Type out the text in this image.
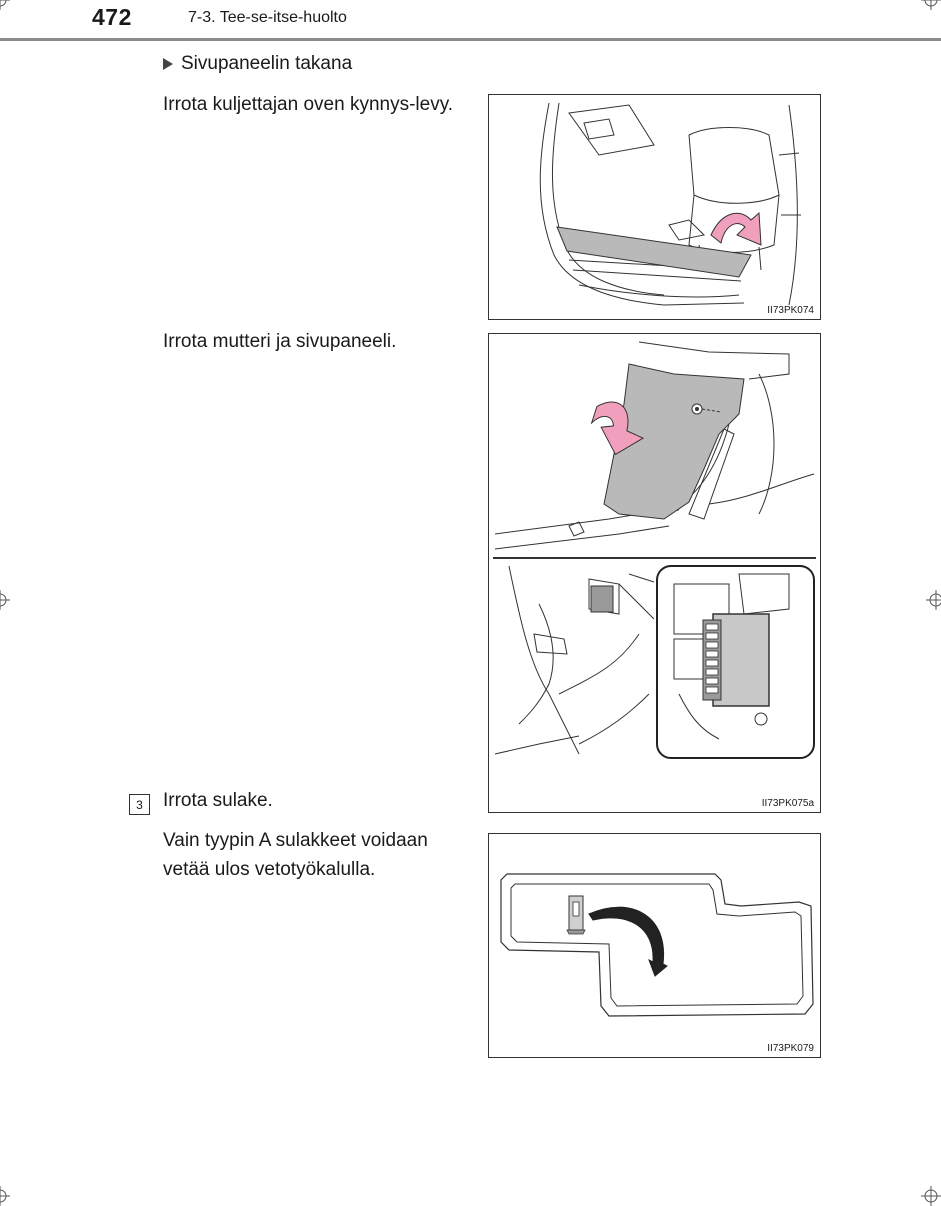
472	7-3. Tee-se-itse-huolto
Sivupaneelin takana
Irrota kuljettajan oven kynnys-levy.
II73PK074
Irrota mutteri ja sivupaneeli.
II73PK075a
3	Irrota sulake.
Vain tyypin A sulakkeet voidaan vetää ulos vetotyökalulla.
II73PK079
